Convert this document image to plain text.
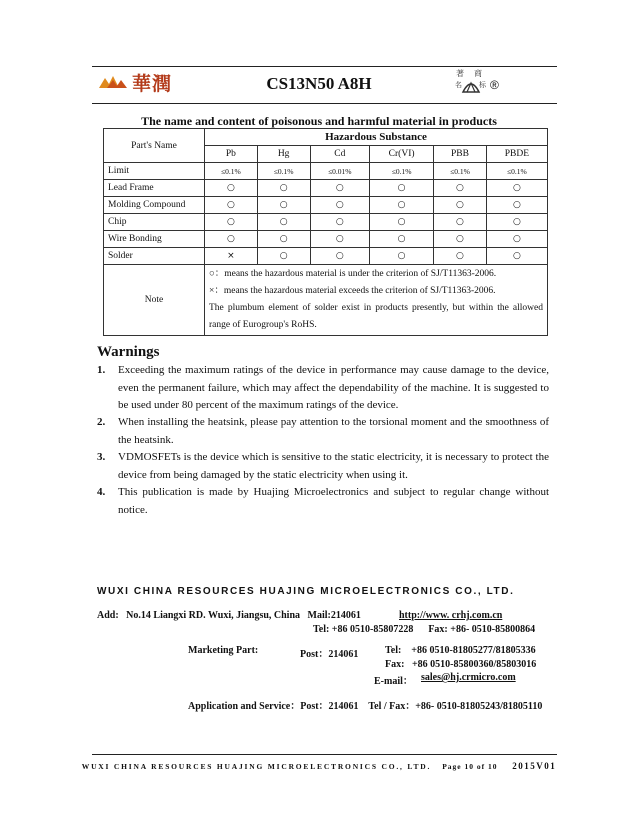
華潤	CS13N50 A8H
著 商
名 标 ®
The name and content of poisonous and harmful material in products
Part's Name	Hazardous Substance					
	Pb	Hg	Cd	Cr(VI)	PBB	PBDE
Limit	≤0.1%	≤0.1%	≤0.01%	≤0.1%	≤0.1%	≤0.1%
Lead Frame	○	○	○	○	○	○
Molding Compound	○	○	○	○	○	○
Chip	○	○	○	○	○	○
Wire Bonding	○	○	○	○	○	○
Solder	×	○	○	○	○	○
Note	○：means the hazardous material is under the criterion of SJ/T11363-2006.
×：means the hazardous material exceeds the criterion of SJ/T11363-2006.
The plumbum element of solder exist in products presently, but within the allowed range of Eurogroup's RoHS.					
Warnings
1. Exceeding the maximum ratings of the device in performance may cause damage to the device, even the permanent failure, which may affect the dependability of the machine. It is suggested to be used under 80 percent of the maximum ratings of the device.
2. When installing the heatsink, please pay attention to the torsional moment and the smoothness of the heatsink.
3. VDMOSFETs is the device which is sensitive to the static electricity, it is necessary to protect the device from being damaged by the static electricity when using it.
4. This publication is made by Huajing Microelectronics and subject to regular change without notice.
WUXI CHINA RESOURCES HUAJING MICROELECTRONICS CO., LTD.
Add:   No.14 Liangxi RD. Wuxi, Jiangsu, China   Mail:214061	http://www. crhj.com.cn
Tel: +86 0510-85807228      Fax: +86- 0510-85800864
Marketing Part:	Post：214061	Tel:    +86 0510-81805277/81805336
Fax:   +86 0510-85800360/85803016
E-mail： sales@hj.crmicro.com
Application and Service：Post：214061    Tel / Fax：+86- 0510-81805243/81805110
WUXI CHINA RESOURCES HUAJING MICROELECTRONICS CO., LTD. Page 10 of 10 2015V01
